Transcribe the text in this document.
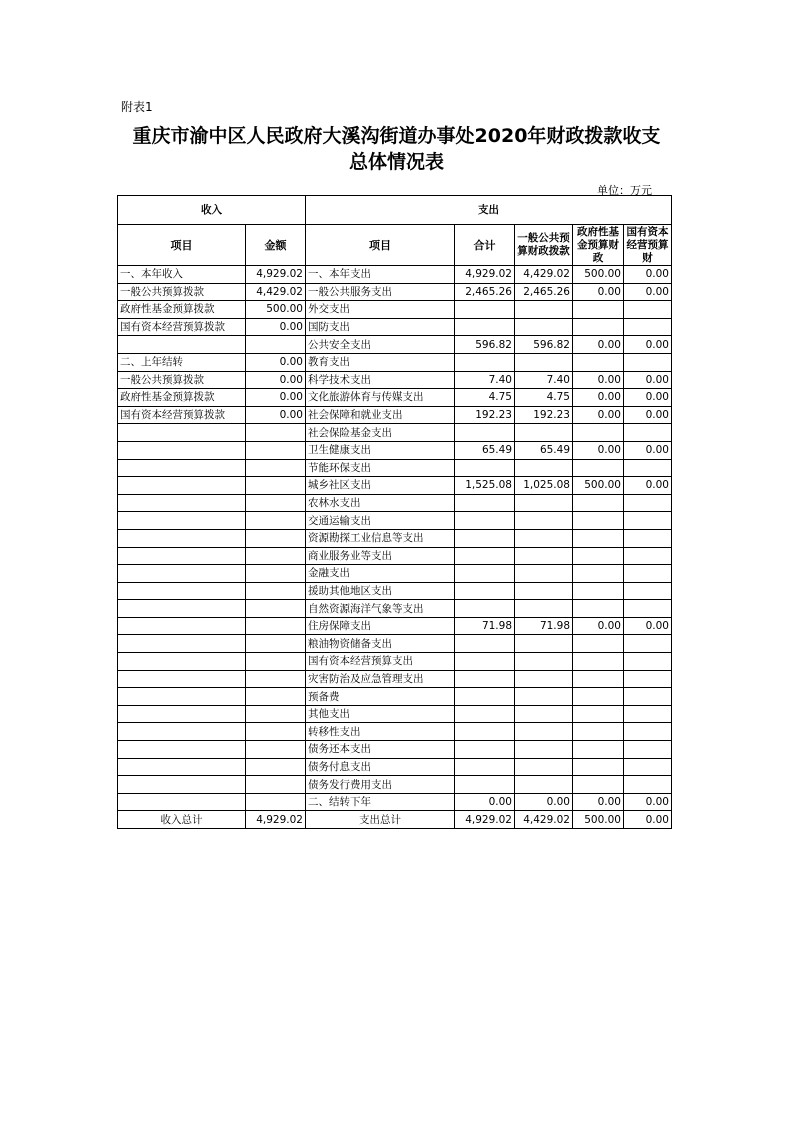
附表1
重庆市渝中区人民政府大溪沟街道办事处2020年财政拨款收支
总体情况表
单位：万元
收入		支出				
项目	金额	项目	合计	一般公共预算财政拨款	政府性基金预算财政	国有资本经营预算财
一、本年收入	4,929.02	一、本年支出	4,929.02	4,429.02	500.00	0.00
一般公共预算拨款	4,429.02	一般公共服务支出	2,465.26	2,465.26	0.00	0.00
政府性基金预算拨款	500.00	外交支出				
国有资本经营预算拨款	0.00	国防支出				
		公共安全支出	596.82	596.82	0.00	0.00
二、上年结转	0.00	教育支出				
一般公共预算拨款	0.00	科学技术支出	7.40	7.40	0.00	0.00
政府性基金预算拨款	0.00	文化旅游体育与传媒支出	4.75	4.75	0.00	0.00
国有资本经营预算拨款	0.00	社会保障和就业支出	192.23	192.23	0.00	0.00
		社会保险基金支出				
		卫生健康支出	65.49	65.49	0.00	0.00
		节能环保支出				
		城乡社区支出	1,525.08	1,025.08	500.00	0.00
		农林水支出				
		交通运输支出				
		资源勘探工业信息等支出				
		商业服务业等支出				
		金融支出				
		援助其他地区支出				
		自然资源海洋气象等支出				
		住房保障支出	71.98	71.98	0.00	0.00
		粮油物资储备支出				
		国有资本经营预算支出				
		灾害防治及应急管理支出				
		预备费				
		其他支出				
		转移性支出				
		债务还本支出				
		债务付息支出				
		债务发行费用支出				
		二、结转下年	0.00	0.00	0.00	0.00
收入总计	4,929.02	支出总计	4,929.02	4,429.02	500.00	0.00
